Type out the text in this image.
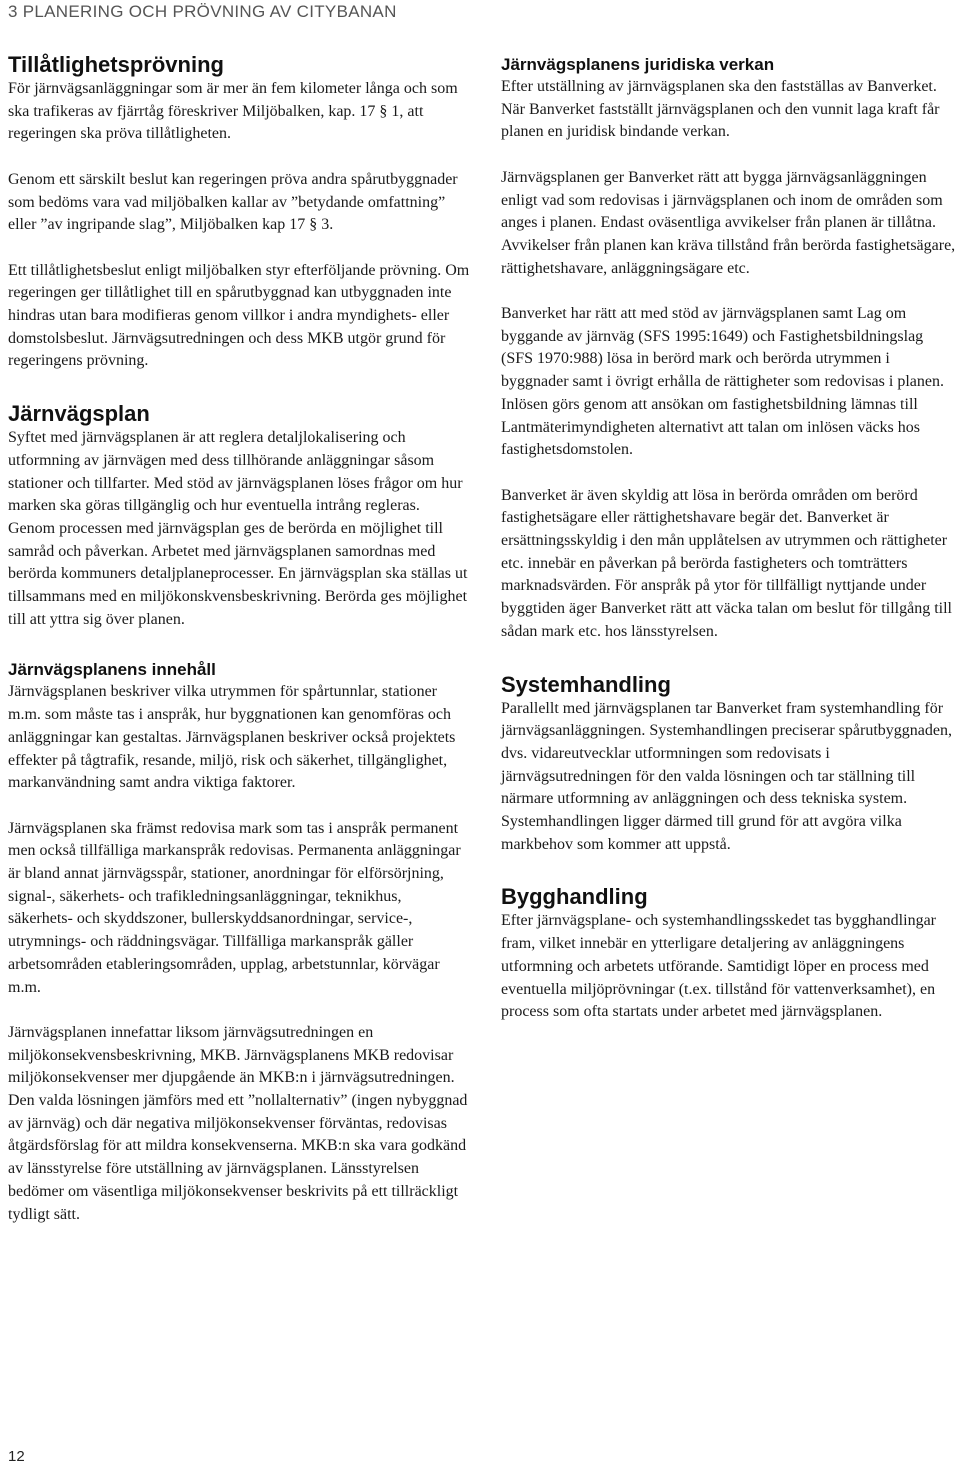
3 PLANERING OCH PRÖVNING AV CITYBANAN
Tillåtlighetsprövning

För järnvägsanläggningar som är mer än fem kilometer långa och som ska trafikeras av fjärrtåg föreskriver Miljöbalken, kap. 17 § 1, att regeringen ska pröva tillåtligheten.

Genom ett särskilt beslut kan regeringen pröva andra spårutbyggnader som bedöms vara vad miljöbalken kallar av ”betydande omfattning” eller ”av ingripande slag”, Miljöbalken kap 17 § 3.

Ett tillåtlighetsbeslut enligt miljöbalken styr efterföljande prövning. Om regeringen ger tillåtlighet till en spårutbyggnad kan utbyggnaden inte hindras utan bara modifieras genom villkor i andra myndighets- eller domstolsbeslut. Järnvägsutredningen och dess MKB utgör grund för regeringens prövning.

Järnvägsplan

Syftet med järnvägsplanen är att reglera detaljlokalisering och utformning av järnvägen med dess tillhörande anläggningar såsom stationer och tillfarter. Med stöd av järnvägsplanen löses frågor om hur marken ska göras tillgänglig och hur eventuella intrång regleras. Genom processen med järnvägsplan ges de berörda en möjlighet till samråd och påverkan. Arbetet med järnvägsplanen samordnas med berörda kommuners detaljplaneprocesser. En järnvägsplan ska ställas ut tillsammans med en miljökonskvensbeskrivning. Berörda ges möjlighet till att yttra sig över planen.

Järnvägsplanens innehåll

Järnvägsplanen beskriver vilka utrymmen för spårtunnlar, stationer m.m. som måste tas i anspråk, hur byggnationen kan genomföras och anläggningar kan gestaltas. Järnvägsplanen beskriver också projektets effekter på tågtrafik, resande, miljö, risk och säkerhet, tillgänglighet, markanvändning samt andra viktiga faktorer.

Järnvägsplanen ska främst redovisa mark som tas i anspråk permanent men också tillfälliga markanspråk redovisas. Permanenta anläggningar är bland annat järnvägsspår, stationer, anordningar för elförsörjning, signal-, säkerhets- och trafikledningsanläggningar, teknikhus, säkerhets- och skyddszoner, bullerskyddsanordningar, service-, utrymnings- och räddningsvägar. Tillfälliga markanspråk gäller arbetsområden etableringsområden, upplag, arbetstunnlar, körvägar m.m.

Järnvägsplanen innefattar liksom järnvägsutredningen en miljökonsekvensbeskrivning, MKB. Järnvägsplanens MKB redovisar miljökonsekvenser mer djupgående än MKB:n i järnvägsutredningen. Den valda lösningen jämförs med ett ”nollalternativ” (ingen nybyggnad av järnväg) och där negativa miljökonsekvenser förväntas, redovisas åtgärdsförslag för att mildra konsekvenserna. MKB:n ska vara godkänd av länsstyrelse före utställning av järnvägsplanen. Länsstyrelsen bedömer om väsentliga miljökonsekvenser beskrivits på ett tillräckligt tydligt sätt.

Järnvägsplanens juridiska verkan

Efter utställning av järnvägsplanen ska den fastställas av Banverket. När Banverket fastställt järnvägsplanen och den vunnit laga kraft får planen en juridisk bindande verkan.

Järnvägsplanen ger Banverket rätt att bygga järnvägsanläggningen enligt vad som redovisas i järnvägsplanen och inom de områden som anges i planen. Endast oväsentliga avvikelser från planen är tillåtna. Avvikelser från planen kan kräva tillstånd från berörda fastighetsägare, rättighetshavare, anläggningsägare etc.

Banverket har rätt att med stöd av järnvägsplanen samt Lag om byggande av järnväg (SFS 1995:1649) och Fastighetsbildningslag (SFS 1970:988) lösa in berörd mark och berörda utrymmen i byggnader samt i övrigt erhålla de rättigheter som redovisas i planen. Inlösen görs genom att ansökan om fastighetsbildning lämnas till Lantmäterimyndigheten alternativt att talan om inlösen väcks hos fastighetsdomstolen.

Banverket är även skyldig att lösa in berörda områden om berörd fastighetsägare eller rättighetshavare begär det. Banverket är ersättningsskyldig i den mån upplåtelsen av utrymmen och rättigheter etc. innebär en påverkan på berörda fastigheters och tomträtters marknadsvärden. För anspråk på ytor för tillfälligt nyttjande under byggtiden äger Banverket rätt att väcka talan om beslut för tillgång till sådan mark etc. hos länsstyrelsen.

Systemhandling

Parallellt med järnvägsplanen tar Banverket fram systemhandling för järnvägsanläggningen. Systemhandlingen preciserar spårutbyggnaden, dvs. vidareutvecklar utformningen som redovisats i järnvägsutredningen för den valda lösningen och tar ställning till närmare utformning av anläggningen och dess tekniska system. Systemhandlingen ligger därmed till grund för att avgöra vilka markbehov som kommer att uppstå.

Bygghandling

Efter järnvägsplane- och systemhandlingsskedet tas bygghandlingar fram, vilket innebär en ytterligare detaljering av anläggningens utformning och arbetets utförande. Samtidigt löper en process med eventuella miljöprövningar (t.ex. tillstånd för vattenverksamhet), en process som ofta startats under arbetet med järnvägsplanen.

12
